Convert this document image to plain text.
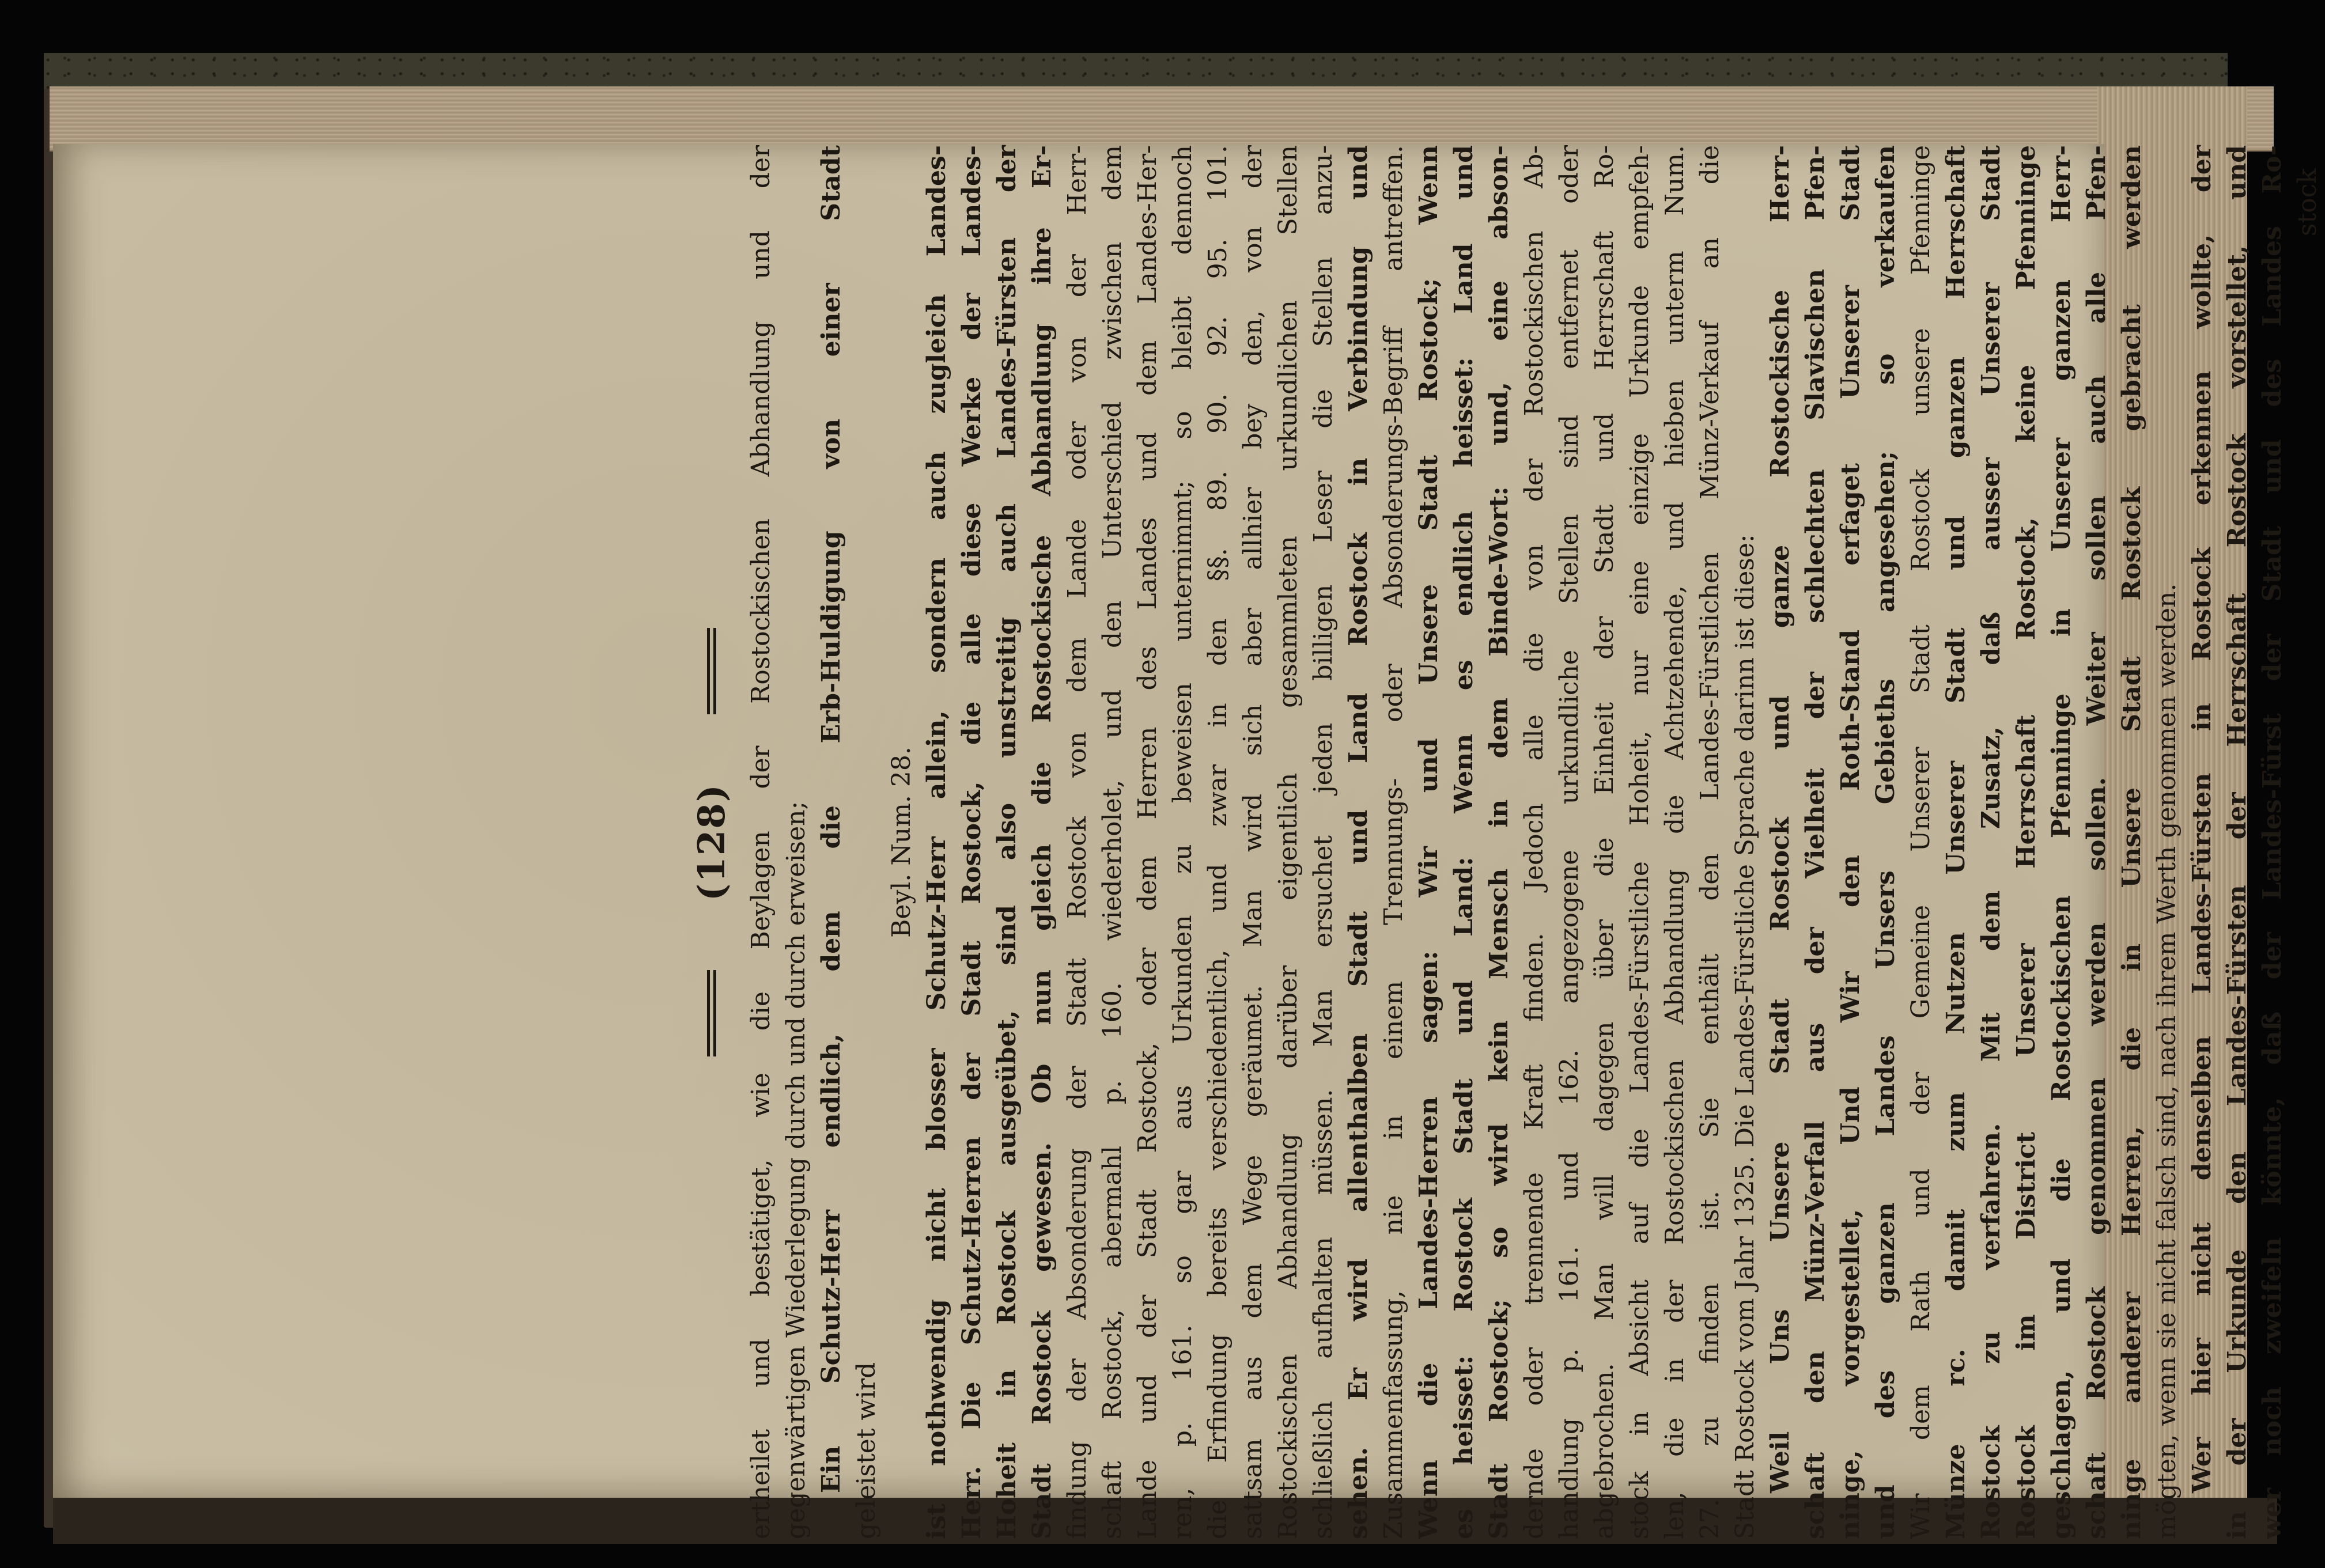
(128) ertheilet und bestätiget, wie die Beylagen der Rostockischen Abhandlung und der gegenwärtigen Wiederlegung durch und durch erweisen; Ein Schutz-Herr endlich, dem die Erb-Huldigung von einer Stadt geleistet wird
Beyl. Num. 28. ist nothwendig nicht blosser Schutz-Herr allein, sondern auch zugleich Landes- Herr. Die Schutz-Herren der Stadt Rostock, die alle diese Werke der Landes- Hoheit in Rostock ausgeübet, sind also unstreitig auch Landes-Fürsten der Stadt Rostock gewesen. Ob nun gleich die Rostockische Abhandlung ihre Er- findung der Absonderung der Stadt Rostock von dem Lande oder von der Herr- schaft Rostock, abermahl p. 160. wiederholet, und den Unterschied zwischen dem Lande und der Stadt Rostock, oder dem Herren des Landes und dem Landes-Her- ren, p. 161. so gar aus Urkunden zu beweisen unternimmt; so bleibt dennoch die Erfindung bereits verschiedentlich, und zwar in den §§. 89. 90. 92. 95. 101. sattsam aus dem Wege geräumet. Man wird sich aber allhier bey den, von der Rostockischen Abhandlung darüber eigentlich gesammleten urkundlichen Stellen schließlich aufhalten müssen. Man ersuchet jeden billigen Leser die Stellen anzu- sehen. Er wird allenthalben Stadt und Land Rostock in Verbindung und Zusammenfassung, nie in einem Trennungs- oder Absonderungs-Begriff antreffen. Wenn die Landes-Herren sagen: Wir und Unsere Stadt Rostock; Wenn es heisset: Rostock Stadt und Land: Wenn es endlich heisset: Land und Stadt Rostock; so wird kein Mensch in dem Binde-Wort: und, eine abson- dernde oder trennende Kraft finden. Jedoch alle die von der Rostockischen Ab- handlung p. 161. und 162. angezogene urkundliche Stellen sind entfernet oder abgebrochen. Man will dagegen über die Einheit der Stadt und Herrschaft Ro- stock in Absicht auf die Landes-Fürstliche Hoheit, nur eine einzige Urkunde empfeh- len, die in der Rostockischen Abhandlung die Achtzehende, und hieben unterm Num. 27. zu finden ist. Sie enthält den Landes-Fürstlichen Münz-Verkauf an die Stadt Rostock vom Jahr 1325. Die Landes-Fürstliche Sprache darinn ist diese: Weil Uns Unsere Stadt Rostock und ganze Rostockische Herr- schaft den Münz-Verfall aus der Vielheit der schlechten Slavischen Pfen- ninge, vorgestellet, Und Wir den Roth-Stand erfaget Unserer Stadt und des ganzen Landes Unsers Gebieths angesehen; so verkaufen Wir dem Rath und der Gemeine Unserer Stadt Rostock unsere Pfenninge Münze rc. damit zum Nutzen Unserer Stadt und ganzen Herrschaft Rostock zu verfahren. Mit dem Zusatz, daß ausser Unserer Stadt Rostock im District Unserer Herrschaft Rostock, keine Pfenninge geschlagen, und die Rostockischen Pfenninge in Unserer ganzen Herr- schaft Rostock genommen werden sollen. Weiter sollen auch alle Pfen- ninge anderer Herren, die in Unsere Stadt Rostock gebracht werden mögten, wenn sie nicht falsch sind, nach ihrem Werth genommen werden. Wer hier nicht denselben Landes-Fürsten in Rostock erkennen wollte, der in der Urkunde den Landes-Fürsten der Herrschaft Rostock vorstellet, und wer noch zweifeln könnte, daß der Landes-Fürst der Stadt und des Landes Ro- stock
